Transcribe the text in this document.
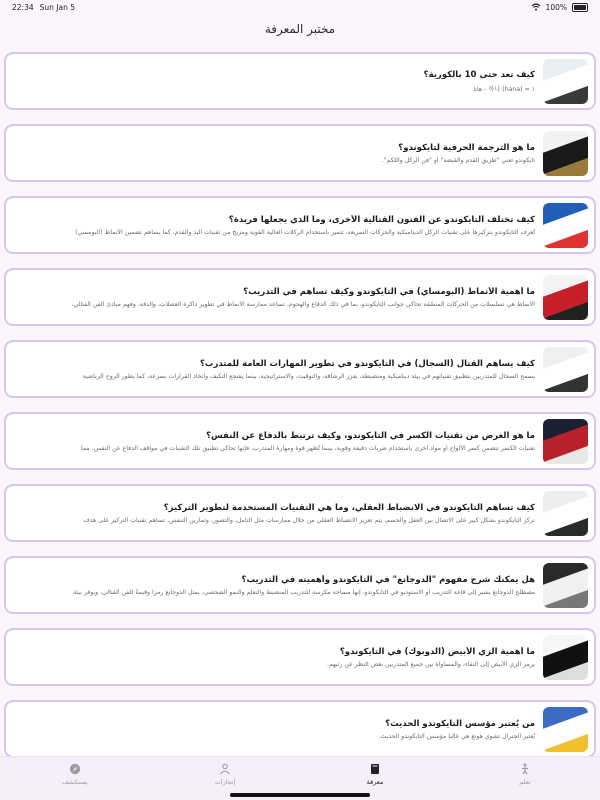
22:34 Sun Jan 5	100%
مختبر المعرفة
كيف تعد حتى 10 بالكورية؟
١ = 하나 (hana) - هانا
ما هو الترجمة الحرفية لتايكوندو؟
تايكوندو تعني "طريق القدم والقبضة" أو "فن الركل واللكم".
كيف تختلف التايكوندو عن الفنون القتالية الأخرى، وما الذي يجعلها فريدة؟
تُعرف التايكوندو بتركيزها على تقنيات الركل الديناميكية والحركات السريعة، تتميز باستخدام الركلات العالية القوية ومزيج من تقنيات اليد والقدم، كما يساهم تضمين الأنماط (البومسي)
ما أهمية الأنماط (البومساي) في التايكوندو وكيف تساهم في التدريب؟
الأنماط هي تسلسلات من الحركات المنسّقة تحاكي جوانب التايكوندو، بما في ذلك الدفاع والهجوم، تساعد ممارسة الأنماط في تطوير ذاكرة العضلات، والدقة، وفهم مبادئ الفن القتالي.
كيف يساهم القتال (السجال) في التايكوندو في تطوير المهارات العامة للمتدرب؟
يسمح السجال للمتدربين بتطبيق تقنياتهم في بيئة ديناميكية ومنضبطة، يعزز الرشاقة، والتوقيت، والاستراتيجية، بينما يشجع التكيف واتخاذ القرارات بسرعة، كما يطور الروح الرياضية
ما هو الغرض من تقنيات الكسر في التايكوندو، وكيف ترتبط بالدفاع عن النفس؟
تقنيات الكسر تتضمن كسر الألواح أو مواد أخرى باستخدام ضربات دقيقة وقوية، بينما تُظهر قوة ومهارة المتدرب، فإنها تحاكي تطبيق تلك التقنيات في مواقف الدفاع عن النفس، مما
كيف تساهم التايكوندو في الانضباط العقلي، وما هي التقنيات المستخدمة لتطوير التركيز؟
تركز التايكوندو بشكل كبير على الاتصال بين العقل والجسم، يتم تعزيز الانضباط العقلي من خلال ممارسات مثل التأمل، والتصور، وتمارين التنفس، تساهم تقنيات التركيز على هدف
هل يمكنك شرح مفهوم "الدوجانغ" في التايكوندو وأهميته في التدريب؟
مصطلح الدوجانغ يشير إلى قاعة التدريب أو الاستوديو في التايكوندو، إنها مساحة مكرسة للتدريب المنضبط والتعلم والنمو الشخصي، يمثل الدوجانغ رمزاً وقيمةً للفن القتالي، ويوفر بيئة
ما أهمية الزي الأبيض (الدوبوك) في التايكوندو؟
يرمز الزي الأبيض إلى النقاء، والمساواة بين جميع المتدربين بغض النظر عن رتبهم.
من يُعتبر مؤسس التايكوندو الحديث؟
يُعتبر الجنرال تشوي هونغ هي غالباً مؤسس التايكوندو الحديث.
تعلم
معرفة
إنجازات
يستكشف
